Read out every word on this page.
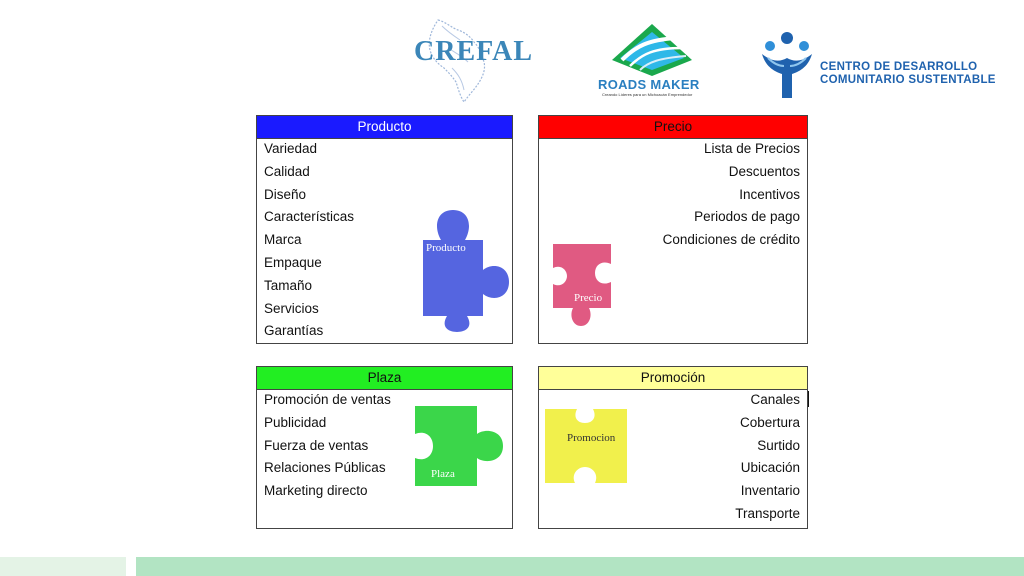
CREFAL
ROADS MAKER
Creando Líderes para un Michoacán Emprendedor
CENTRO DE DESARROLLO
COMUNITARIO SUSTENTABLE
Producto
Variedad
Calidad
Diseño
Características
Marca
Empaque
Tamaño
Servicios
Garantías
Producto
Precio
Lista de Precios
Descuentos
Incentivos
Periodos de pago
Condiciones de crédito
Precio
Plaza
Promoción de ventas
Publicidad
Fuerza de ventas
Relaciones Públicas
Marketing directo
Plaza
Promoción
Canales
Cobertura
Surtido
Ubicación
Inventario
Transporte
Promocion
